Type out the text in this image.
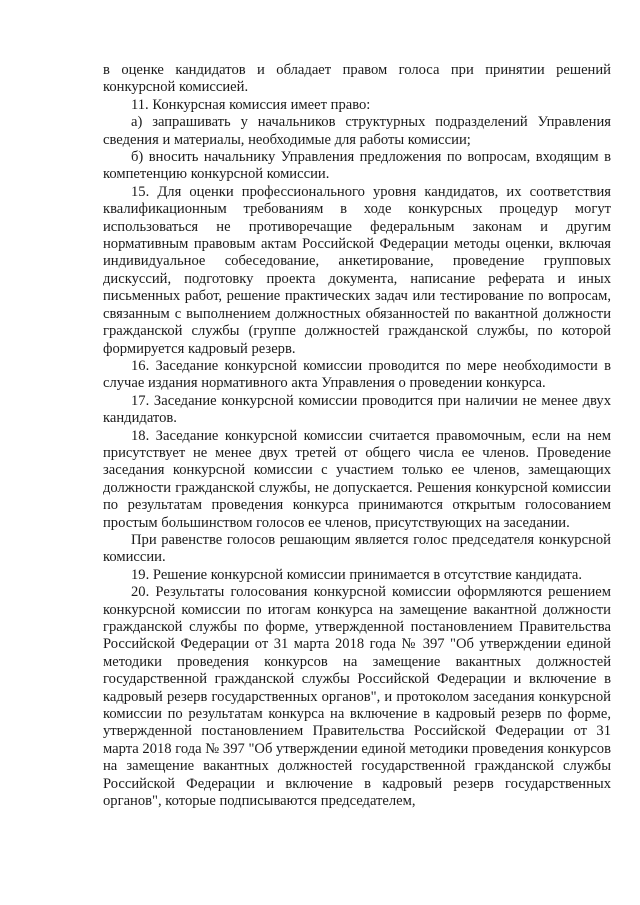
в оценке кандидатов и обладает правом голоса при принятии решений конкурсной комиссией.

11. Конкурсная комиссия имеет право:

а) запрашивать у начальников структурных подразделений Управления сведения и материалы, необходимые для работы комиссии;

б) вносить начальнику Управления предложения по вопросам, входящим в компетенцию конкурсной комиссии.

15. Для оценки профессионального уровня кандидатов, их соответствия квалификационным требованиям в ходе конкурсных процедур могут использоваться не противоречащие федеральным законам и другим нормативным правовым актам Российской Федерации методы оценки, включая индивидуальное собеседование, анкетирование, проведение групповых дискуссий, подготовку проекта документа, написание реферата и иных письменных работ, решение практических задач или тестирование по вопросам, связанным с выполнением должностных обязанностей по вакантной должности гражданской службы (группе должностей гражданской службы, по которой формируется кадровый резерв.

16. Заседание конкурсной комиссии проводится по мере необходимости в случае издания нормативного акта Управления о проведении конкурса.

17. Заседание конкурсной комиссии проводится при наличии не менее двух кандидатов.

18. Заседание конкурсной комиссии считается правомочным, если на нем присутствует не менее двух третей от общего числа ее членов. Проведение заседания конкурсной комиссии с участием только ее членов, замещающих должности гражданской службы, не допускается. Решения конкурсной комиссии по результатам проведения конкурса принимаются открытым голосованием простым большинством голосов ее членов, присутствующих на заседании.

При равенстве голосов решающим является голос председателя конкурсной комиссии.

19. Решение конкурсной комиссии принимается в отсутствие кандидата.

20. Результаты голосования конкурсной комиссии оформляются решением конкурсной комиссии по итогам конкурса на замещение вакантной должности гражданской службы по форме, утвержденной постановлением Правительства Российской Федерации от 31 марта 2018 года № 397 "Об утверждении единой методики проведения конкурсов на замещение вакантных должностей государственной гражданской службы Российской Федерации и включение в кадровый резерв государственных органов", и протоколом заседания конкурсной комиссии по результатам конкурса на включение в кадровый резерв по форме, утвержденной постановлением Правительства Российской Федерации от 31 марта 2018 года № 397 "Об утверждении единой методики проведения конкурсов на замещение вакантных должностей государственной гражданской службы Российской Федерации и включение в кадровый резерв государственных органов", которые подписываются председателем,
